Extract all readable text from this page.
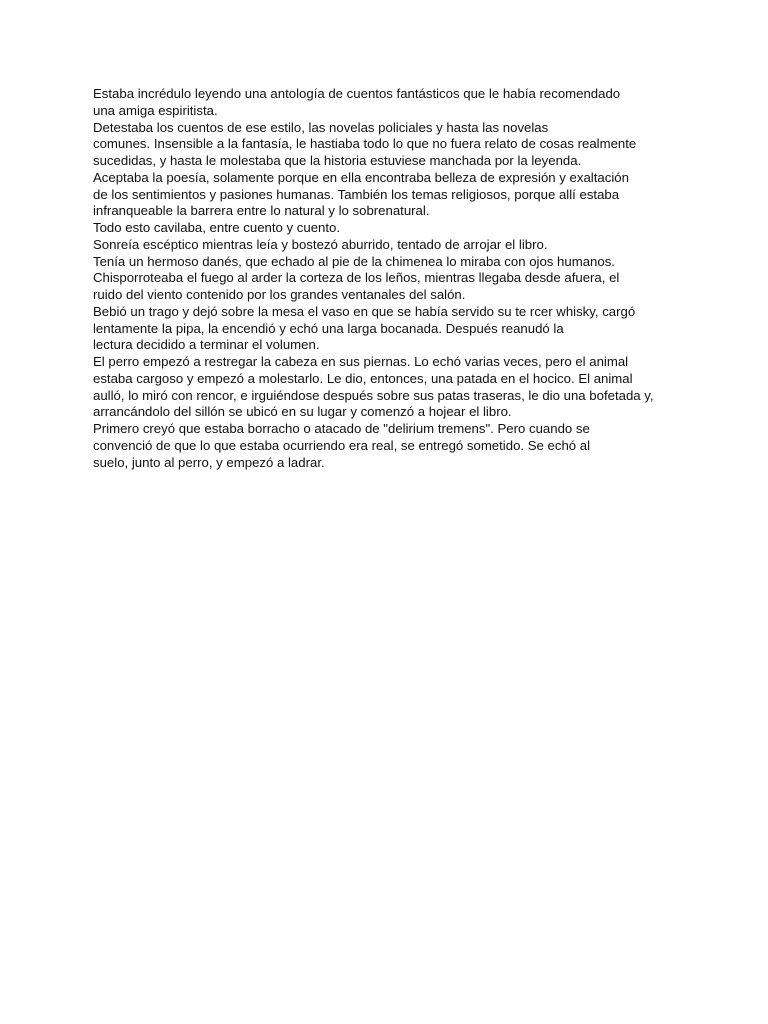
Estaba incrédulo leyendo una antología de cuentos fantásticos que le había recomendado
una amiga espiritista.
Detestaba los cuentos de ese estilo, las novelas policiales y hasta las novelas
comunes. Insensible a la fantasía, le hastiaba todo lo que no fuera relato de cosas realmente
sucedidas, y hasta le molestaba que la historia estuviese manchada por la leyenda.
Aceptaba la poesía, solamente porque en ella encontraba belleza de expresión y exaltación
de los sentimientos y pasiones humanas. También los temas religiosos, porque allí estaba
infranqueable la barrera entre lo natural y lo sobrenatural.
Todo esto cavilaba, entre cuento y cuento.
Sonreía escéptico mientras leía y bostezó aburrido, tentado de arrojar el libro.
Tenía un hermoso danés, que echado al pie de la chimenea lo miraba con ojos humanos.
Chisporroteaba el fuego al arder la corteza de los leños, mientras llegaba desde afuera, el
ruido del viento contenido por los grandes ventanales del salón.
Bebió un trago y dejó sobre la mesa el vaso en que se había servido su te rcer whisky, cargó
lentamente la pipa, la encendió y echó una larga bocanada. Después reanudó la
lectura decidido a terminar el volumen.
El perro empezó a restregar la cabeza en sus piernas. Lo echó varias veces, pero el animal
estaba cargoso y empezó a molestarlo. Le dio, entonces, una patada en el hocico. El animal
aulló, lo miró con rencor, e irguiéndose después sobre sus patas traseras, le dio una bofetada y,
arrancándolo del sillón se ubicó en su lugar y comenzó a hojear el libro.
Primero creyó que estaba borracho o atacado de "delirium tremens". Pero cuando se
convenció de que lo que estaba ocurriendo era real, se entregó sometido. Se echó al
suelo, junto al perro, y empezó a ladrar.
